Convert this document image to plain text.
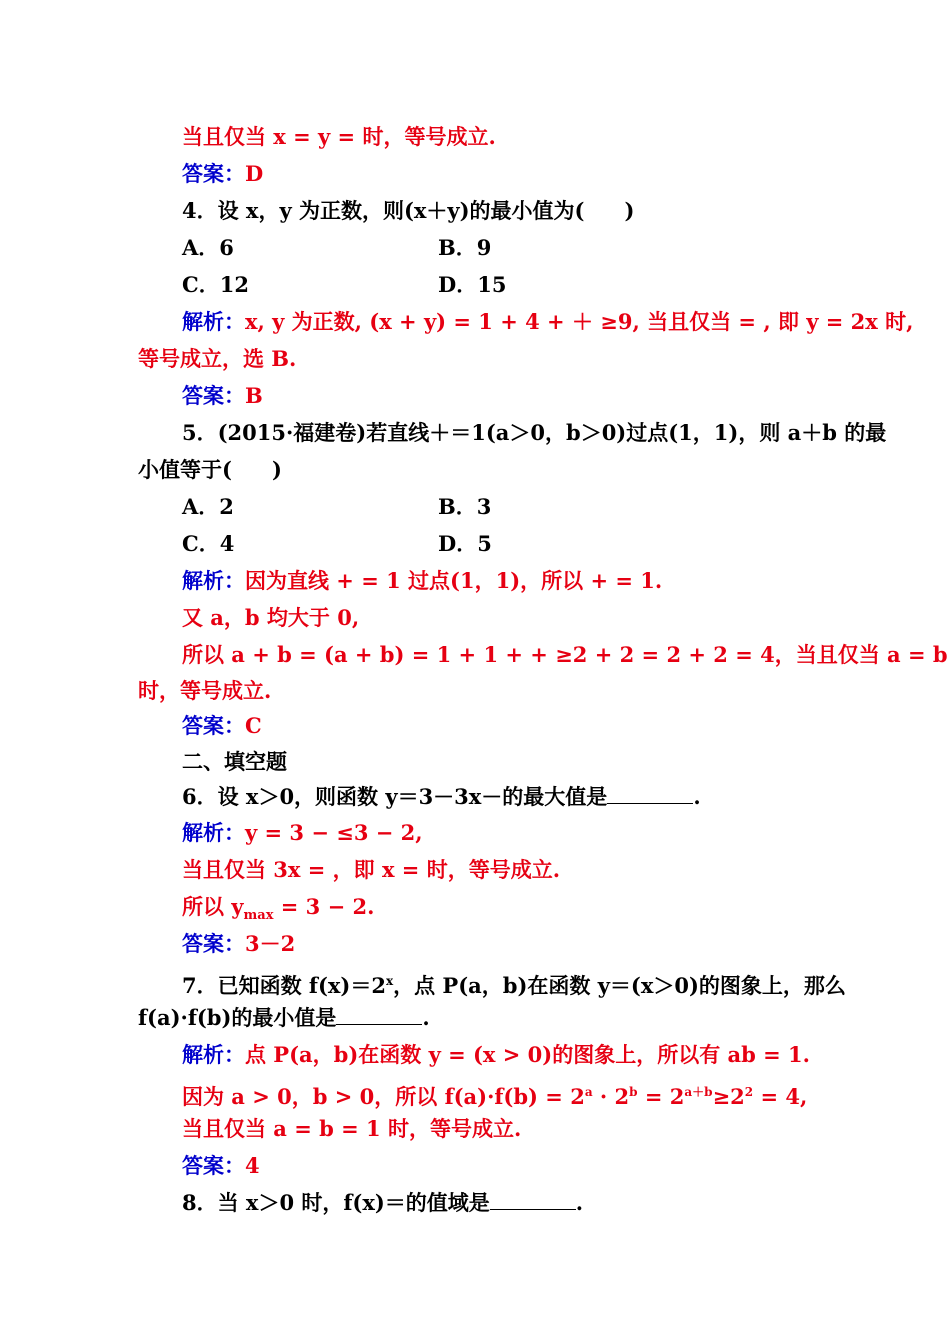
当且仅当 x = y = 时，等号成立.
答案：D
4．设 x，y 为正数，则(x＋y)的最小值为( )
A．6	B．9
C．12	D．15
解析：x, y 为正数, (x + y) = 1 + 4 + ＋ ≥9, 当且仅当 = , 即 y = 2x 时,
等号成立，选 B.
答案：B
5．(2015·福建卷)若直线＋＝1(a＞0，b＞0)过点(1，1)，则 a＋b 的最
小值等于( )
A．2	B．3
C．4	D．5
解析：因为直线 + = 1 过点(1，1)，所以 + = 1.
又 a，b 均大于 0,
所以 a + b = (a + b) = 1 + 1 + + ≥2 + 2 = 2 + 2 = 4，当且仅当 a = b
时，等号成立.
答案：C
二、填空题
6．设 x＞0，则函数 y＝3－3x－的最大值是	.
解析：y = 3 − ≤3 − 2,
当且仅当 3x = ，即 x = 时，等号成立.
所以 $y_{max} = 3 - 2$.
答案：3－2
7．已知函数 $f(x)=2^x$，点 P(a，b)在函数 y＝(x＞0)的图象上，那么
f(a)·f(b)的最小值是	.
解析：点 P(a，b)在函数 y = (x > 0)的图象上，所以有 ab = 1.
因为 a > 0，b > 0，所以 $f(a)\cdot f(b) = 2^a \cdot 2^b = 2^{a+b}\ge 2^2 = 4$,
当且仅当 a = b = 1 时，等号成立.
答案：4
8．当 x＞0 时，f(x)＝的值域是	.
